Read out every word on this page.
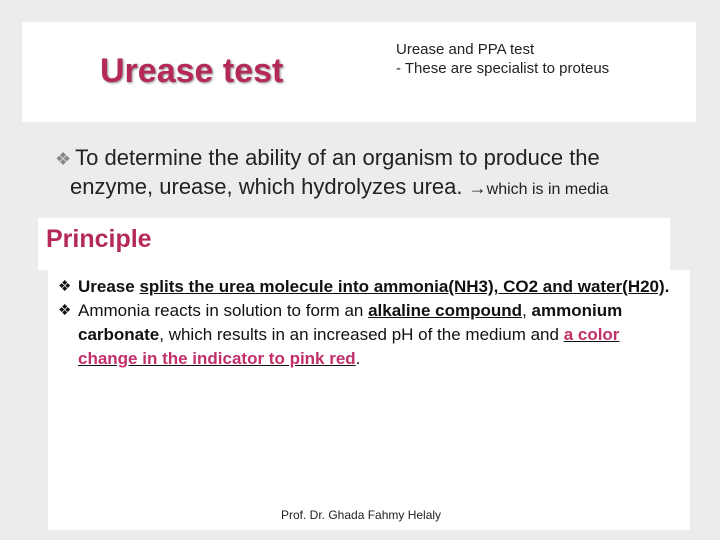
Urease test
Urease and PPA test
- These are specialist to proteus
❖ To determine the ability of an organism to produce the
enzyme, urease, which hydrolyzes urea. →which is in media
Principle
❖ Urease splits the urea molecule into ammonia(NH3), CO2 and water(H20).
❖ Ammonia reacts in solution to form an alkaline compound, ammonium carbonate, which results in an increased pH of the medium and a color change in the indicator to pink red.
Prof. Dr. Ghada Fahmy Helaly
